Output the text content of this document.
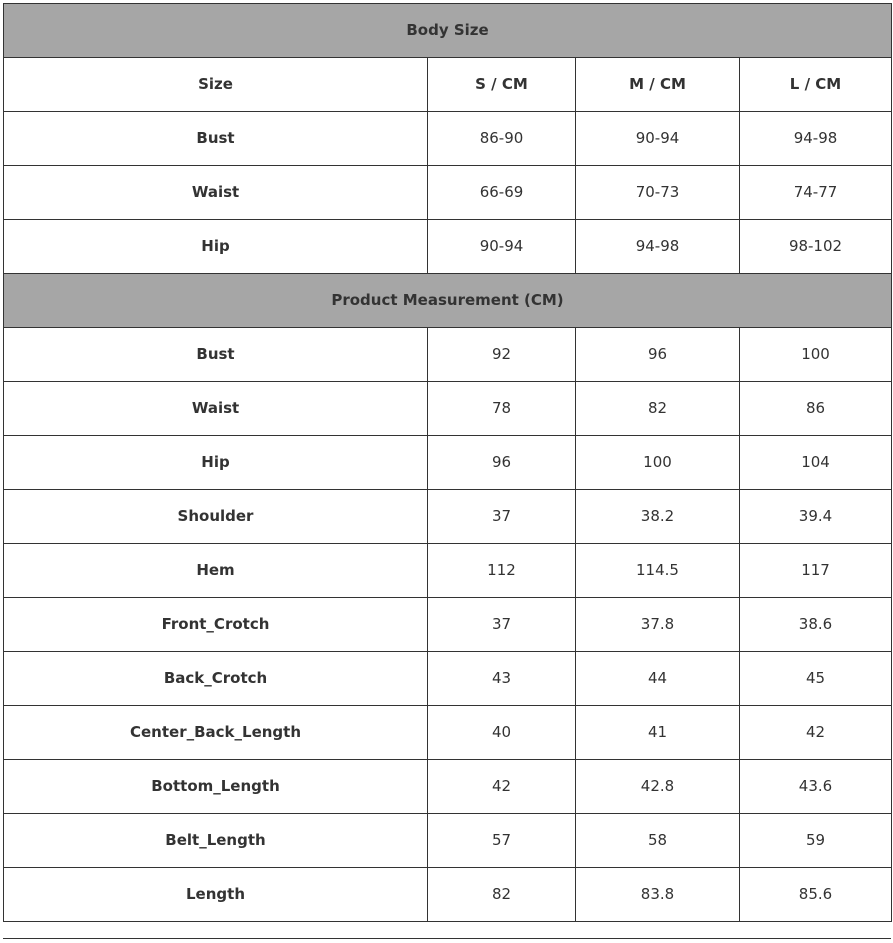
Body Size			
Size	S / CM	M / CM	L / CM
Bust	86-90	90-94	94-98
Waist	66-69	70-73	74-77
Hip	90-94	94-98	98-102
Product Measurement (CM)			
Bust	92	96	100
Waist	78	82	86
Hip	96	100	104
Shoulder	37	38.2	39.4
Hem	112	114.5	117
Front_Crotch	37	37.8	38.6
Back_Crotch	43	44	45
Center_Back_Length	40	41	42
Bottom_Length	42	42.8	43.6
Belt_Length	57	58	59
Length	82	83.8	85.6
